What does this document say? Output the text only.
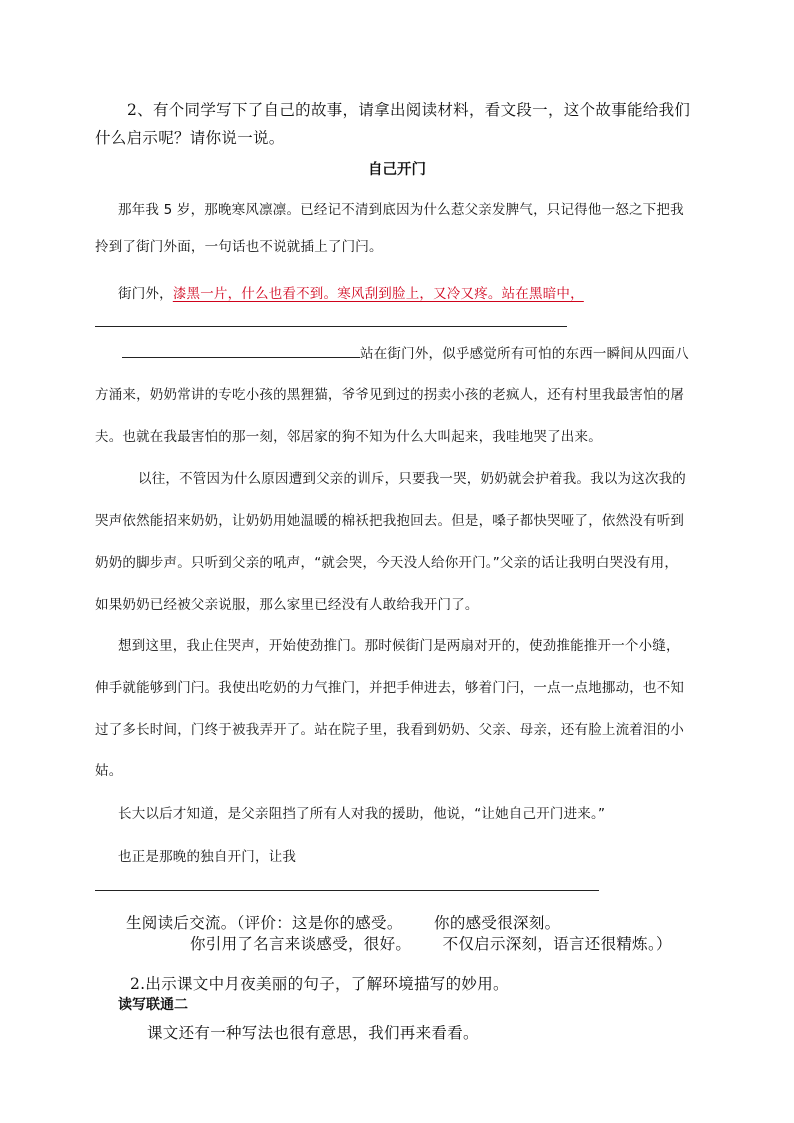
2、有个同学写下了自己的故事，请拿出阅读材料，看文段一，这个故事能给我们

什么启示呢？请你说一说。

自己开门

那年我 5 岁，那晚寒风凛凛。已经记不清到底因为什么惹父亲发脾气，只记得他一怒之下把我

拎到了街门外面，一句话也不说就插上了门闩。

街门外，漆黑一片，什么也看不到。寒风刮到脸上，又冷又疼。站在黑暗中，

站在街门外，似乎感觉所有可怕的东西一瞬间从四面八

方涌来，奶奶常讲的专吃小孩的黑狸猫，爷爷见到过的拐卖小孩的老疯人，还有村里我最害怕的屠

夫。也就在我最害怕的那一刻，邻居家的狗不知为什么大叫起来，我哇地哭了出来。

以往，不管因为什么原因遭到父亲的训斥，只要我一哭，奶奶就会护着我。我以为这次我的

哭声依然能招来奶奶，让奶奶用她温暖的棉袄把我抱回去。但是，嗓子都快哭哑了，依然没有听到

奶奶的脚步声。只听到父亲的吼声，“就会哭，今天没人给你开门。”父亲的话让我明白哭没有用，

如果奶奶已经被父亲说服，那么家里已经没有人敢给我开门了。

想到这里，我止住哭声，开始使劲推门。那时候街门是两扇对开的，使劲推能推开一个小缝，

伸手就能够到门闩。我使出吃奶的力气推门，并把手伸进去，够着门闩，一点一点地挪动，也不知

过了多长时间，门终于被我弄开了。站在院子里，我看到奶奶、父亲、母亲，还有脸上流着泪的小

姑。

长大以后才知道，是父亲阻挡了所有人对我的援助，他说，“让她自己开门进来。”

也正是那晚的独自开门，让我

生阅读后交流。（评价：这是你的感受。      你的感受很深刻。

你引用了名言来谈感受，很好。      不仅启示深刻，语言还很精炼。）

2.出示课文中月夜美丽的句子，了解环境描写的妙用。

读写联通二

课文还有一种写法也很有意思，我们再来看看。
